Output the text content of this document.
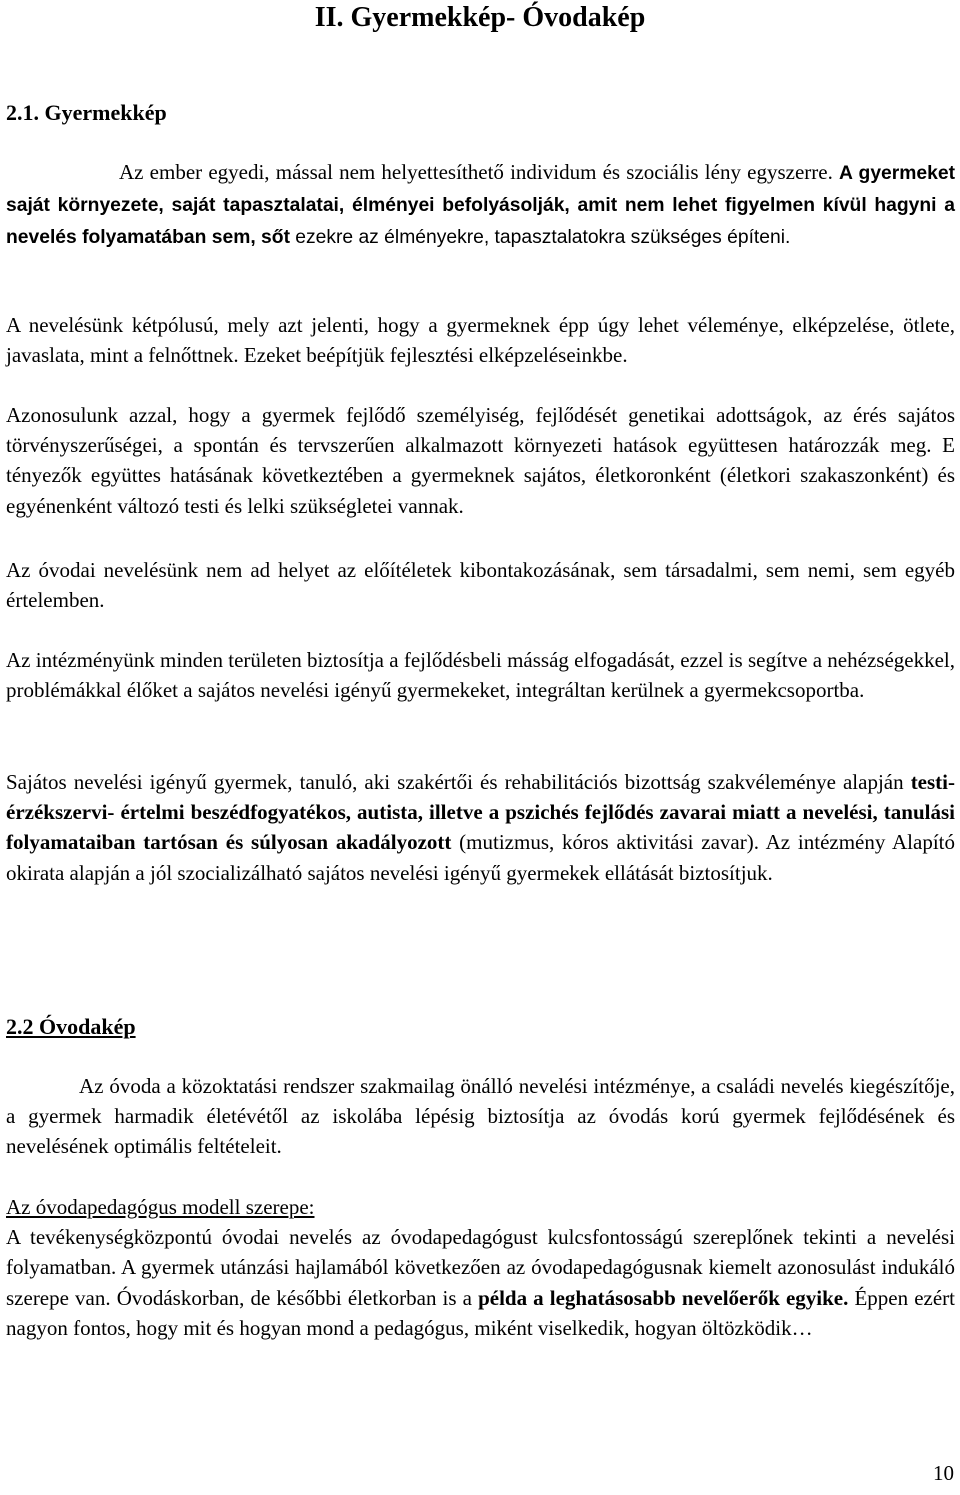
II. Gyermekkép- Óvodakép
2.1. Gyermekkép

Az ember egyedi, mással nem helyettesíthető individum és szociális lény egyszerre. A gyermeket saját környezete, saját tapasztalatai, élményei befolyásolják, amit nem lehet figyelmen kívül hagyni a nevelés folyamatában sem, sőt ezekre az élményekre, tapasztalatokra szükséges építeni.

A nevelésünk kétpólusú, mely azt jelenti, hogy a gyermeknek épp úgy lehet véleménye, elképzelése, ötlete, javaslata, mint a felnőttnek. Ezeket beépítjük fejlesztési elképzeléseinkbe.

Azonosulunk azzal, hogy a gyermek fejlődő személyiség, fejlődését genetikai adottságok, az érés sajátos törvényszerűségei, a spontán és tervszerűen alkalmazott környezeti hatások együttesen határozzák meg. E tényezők együttes hatásának következtében a gyermeknek sajátos, életkoronként (életkori szakaszonként) és egyénenként változó testi és lelki szükségletei vannak.

Az óvodai nevelésünk nem ad helyet az előítéletek kibontakozásának, sem társadalmi, sem nemi, sem egyéb értelemben.

Az intézményünk minden területen biztosítja a fejlődésbeli másság elfogadását, ezzel is segítve a nehézségekkel, problémákkal élőket a sajátos nevelési igényű gyermekeket, integráltan kerülnek a gyermekcsoportba.

Sajátos nevelési igényű gyermek, tanuló, aki szakértői és rehabilitációs bizottság szakvéleménye alapján testi- érzékszervi- értelmi beszédfogyatékos, autista, illetve a pszichés fejlődés zavarai miatt a nevelési, tanulási folyamataiban tartósan és súlyosan akadályozott (mutizmus, kóros aktivitási zavar). Az intézmény Alapító okirata alapján a jól szocializálható sajátos nevelési igényű gyermekek ellátását biztosítjuk.

2.2 Óvodakép

Az óvoda a közoktatási rendszer szakmailag önálló nevelési intézménye, a családi nevelés kiegészítője, a gyermek harmadik életévétől az iskolába lépésig biztosítja az óvodás korú gyermek fejlődésének és nevelésének optimális feltételeit.

Az óvodapedagógus modell szerepe:
A tevékenységközpontú óvodai nevelés az óvodapedagógust kulcsfontosságú szereplőnek tekinti a nevelési folyamatban. A gyermek utánzási hajlamából következően az óvodapedagógusnak kiemelt azonosulást indukáló szerepe van. Óvodáskorban, de későbbi életkorban is a példa a leghatásosabb nevelőerők egyike. Éppen ezért nagyon fontos, hogy mit és hogyan mond a pedagógus, miként viselkedik, hogyan öltözködik…

10
